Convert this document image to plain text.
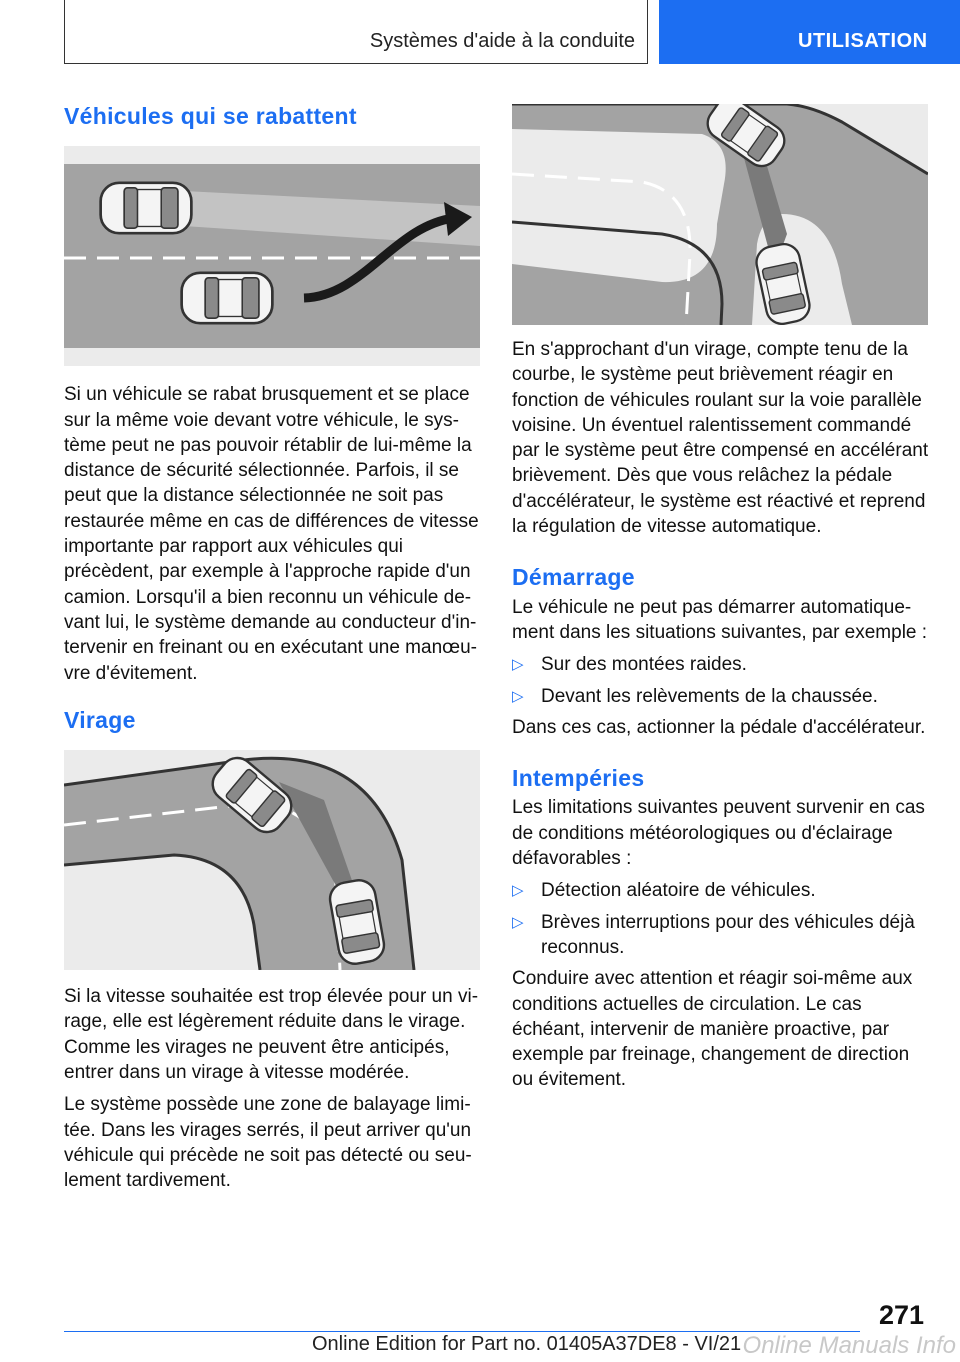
Systèmes d'aide à la conduite	UTILISATION
Véhicules qui se rabattent

Si un véhicule se rabat brusquement et se place sur la même voie devant votre véhicule, le système peut ne pas pouvoir rétablir de lui-même la distance de sécurité sélectionnée. Parfois, il se peut que la distance sélectionnée ne soit pas restaurée même en cas de différences de vitesse importante par rapport aux véhicules qui précèdent, par exemple à l'approche rapide d'un camion. Lorsqu'il a bien reconnu un véhicule devant lui, le système demande au conducteur d'intervenir en freinant ou en exécutant une manœuvre d'évitement.

Virage

Si la vitesse souhaitée est trop élevée pour un virage, elle est légèrement réduite dans le virage. Comme les virages ne peuvent être anticipés, entrer dans un virage à vitesse modérée.

Le système possède une zone de balayage limitée. Dans les virages serrés, il peut arriver qu'un véhicule qui précède ne soit pas détecté ou seulement tardivement.

En s'approchant d'un virage, compte tenu de la courbe, le système peut brièvement réagir en fonction de véhicules roulant sur la voie parallèle voisine. Un éventuel ralentissement commandé par le système peut être compensé en accélérant brièvement. Dès que vous relâchez la pédale d'accélérateur, le système est réactivé et reprend la régulation de vitesse automatique.

Démarrage

Le véhicule ne peut pas démarrer automatiquement dans les situations suivantes, par exemple :

▷ Sur des montées raides.
▷ Devant les relèvements de la chaussée.

Dans ces cas, actionner la pédale d'accélérateur.

Intempéries

Les limitations suivantes peuvent survenir en cas de conditions météorologiques ou d'éclairage défavorables :

▷ Détection aléatoire de véhicules.
▷ Brèves interruptions pour des véhicules déjà reconnus.

Conduire avec attention et réagir soi-même aux conditions actuelles de circulation. Le cas échéant, intervenir de manière proactive, par exemple par freinage, changement de direction ou évitement.

271
Online Edition for Part no. 01405A37DE8 - VI/21 Online Manuals Info
